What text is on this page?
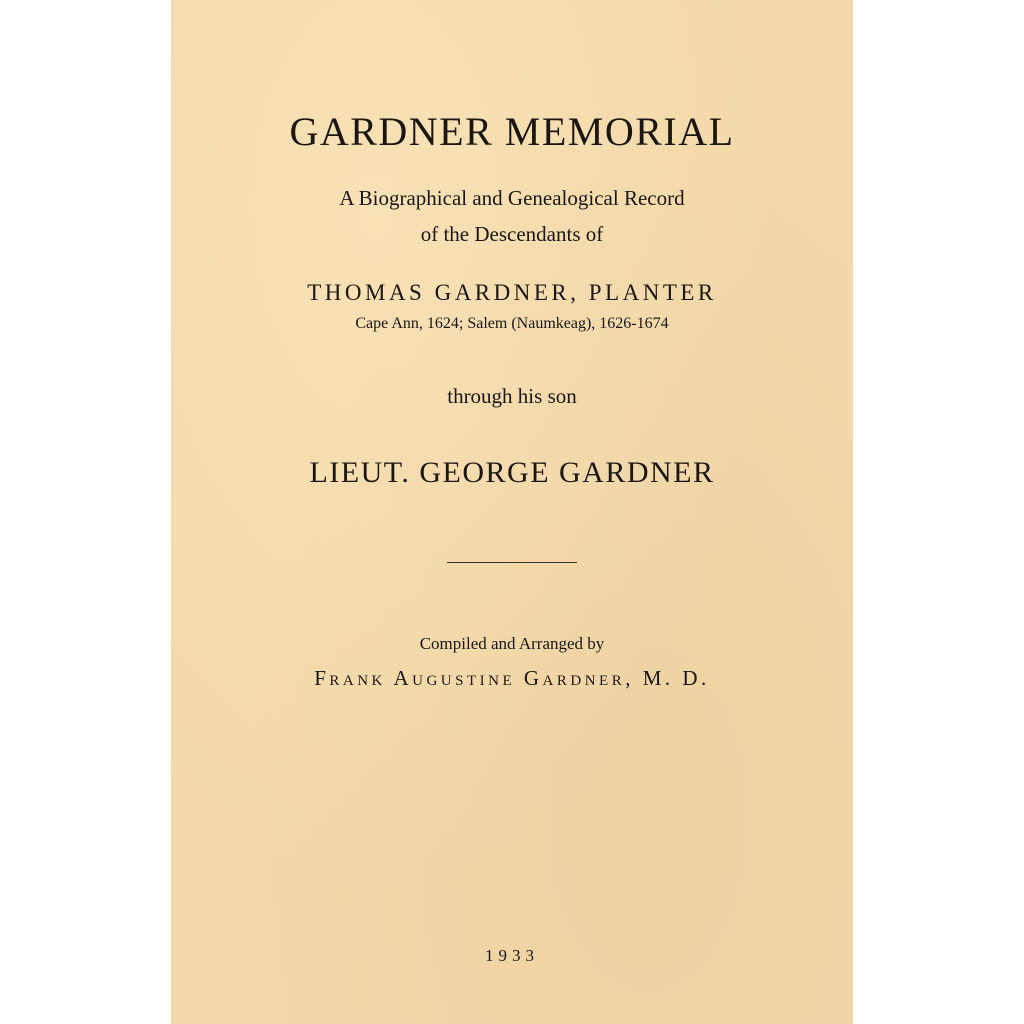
GARDNER MEMORIAL
A Biographical and Genealogical Record
of the Descendants of
THOMAS GARDNER, PLANTER
Cape Ann, 1624; Salem (Naumkeag), 1626-1674
through his son
LIEUT. GEORGE GARDNER
Compiled and Arranged by
Frank Augustine Gardner, M. D.
1933
